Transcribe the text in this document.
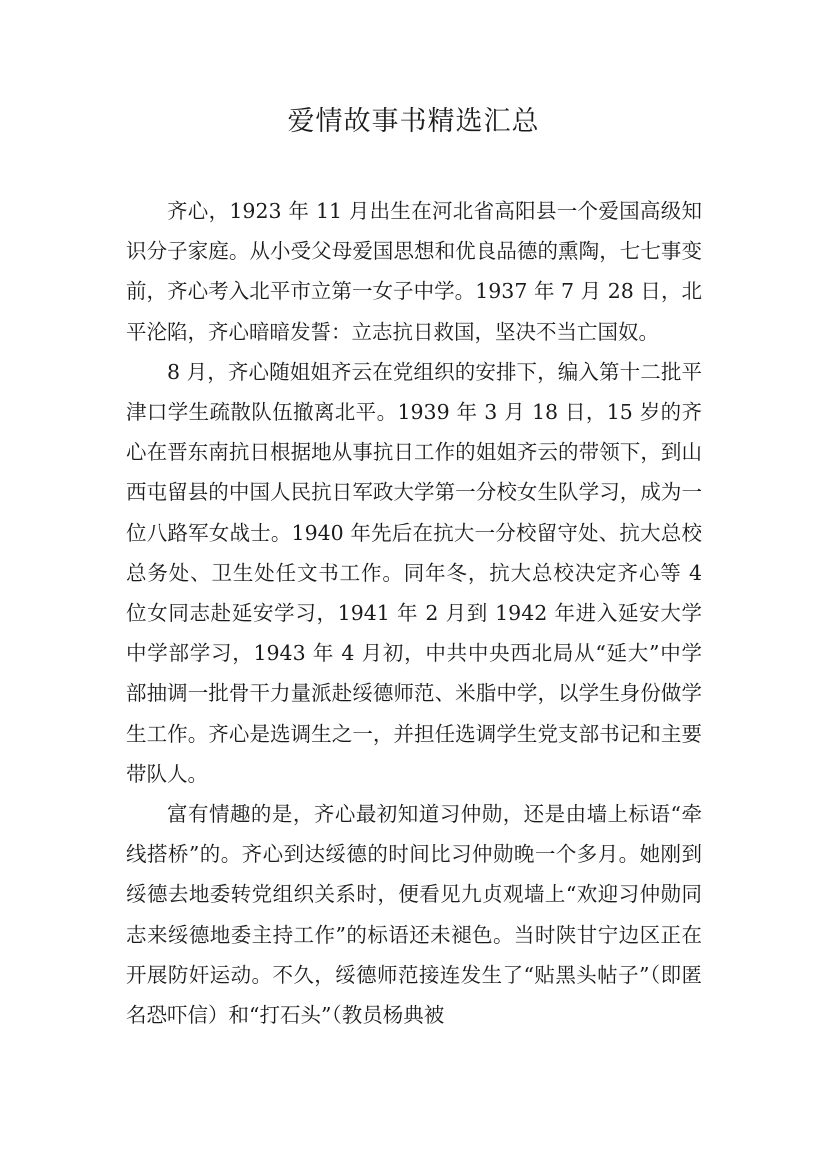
爱情故事书精选汇总

齐心，1923 年 11 月出生在河北省高阳县一个爱国高级知识分子家庭。从小受父母爱国思想和优良品德的熏陶，七七事变前，齐心考入北平市立第一女子中学。1937 年 7 月 28 日，北平沦陷，齐心暗暗发誓：立志抗日救国，坚决不当亡国奴。

8 月，齐心随姐姐齐云在党组织的安排下，编入第十二批平津口学生疏散队伍撤离北平。1939 年 3 月 18 日，15 岁的齐心在晋东南抗日根据地从事抗日工作的姐姐齐云的带领下，到山西屯留县的中国人民抗日军政大学第一分校女生队学习，成为一位八路军女战士。1940 年先后在抗大一分校留守处、抗大总校总务处、卫生处任文书工作。同年冬，抗大总校决定齐心等 4 位女同志赴延安学习，1941 年 2 月到 1942 年进入延安大学中学部学习，1943 年 4 月初，中共中央西北局从“延大”中学部抽调一批骨干力量派赴绥德师范、米脂中学，以学生身份做学生工作。齐心是选调生之一，并担任选调学生党支部书记和主要带队人。

富有情趣的是，齐心最初知道习仲勋，还是由墙上标语“牵线搭桥”的。齐心到达绥德的时间比习仲勋晚一个多月。她刚到绥德去地委转党组织关系时，便看见九贞观墙上“欢迎习仲勋同志来绥德地委主持工作”的标语还未褪色。当时陕甘宁边区正在开展防奸运动。不久，绥德师范接连发生了“贴黑头帖子”（即匿名恐吓信）和“打石头”（教员杨典被
